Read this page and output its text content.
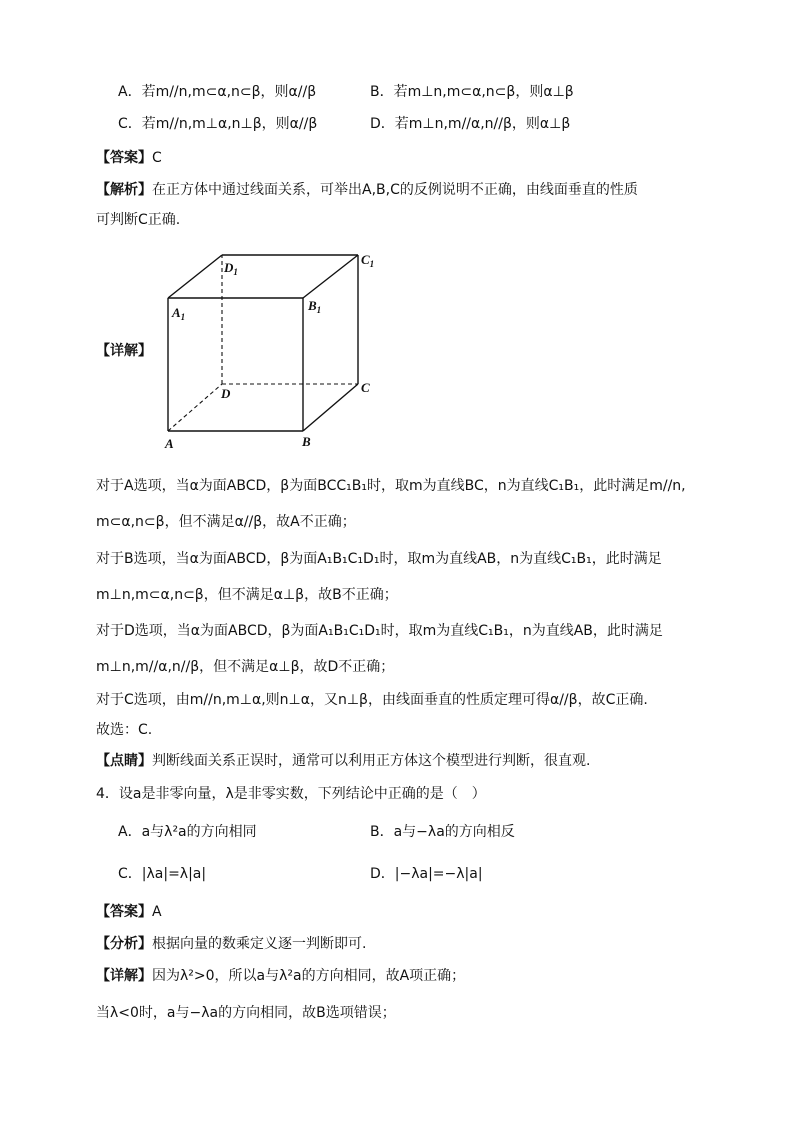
A．若m//n,m⊂α,n⊂β，则α//β	B．若m⊥n,m⊂α,n⊂β，则α⊥β
C．若m//n,m⊥α,n⊥β，则α//β	D．若m⊥n,m//α,n//β，则α⊥β
【答案】C
【解析】在正方体中通过线面关系，可举出A,B,C的反例说明不正确，由线面垂直的性质
可判断C正确.
【详解】
$D_1$
$C_1$
$B_1$
$A_1$
D	C
A	B
对于A选项，当α为面ABCD，β为面BCC₁B₁时，取m为直线BC，n为直线C₁B₁，此时满足m//n,
m⊂α,n⊂β，但不满足α//β，故A不正确；
对于B选项，当α为面ABCD，β为面A₁B₁C₁D₁时，取m为直线AB，n为直线C₁B₁，此时满足
m⊥n,m⊂α,n⊂β，但不满足α⊥β，故B不正确；
对于D选项，当α为面ABCD，β为面A₁B₁C₁D₁时，取m为直线C₁B₁，n为直线AB，此时满足
m⊥n,m//α,n//β，但不满足α⊥β，故D不正确；
对于C选项，由m//n,m⊥α,则n⊥α，又n⊥β，由线面垂直的性质定理可得α//β，故C正确.
故选：C.
【点睛】判断线面关系正误时，通常可以利用正方体这个模型进行判断，很直观.
4．设a是非零向量，λ是非零实数，下列结论中正确的是（　）
A．a与λ²a的方向相同	B．a与−λa的方向相反
C．|λa|=λ|a|	D．|−λa|=−λ|a|
【答案】A
【分析】根据向量的数乘定义逐一判断即可.
【详解】因为λ²>0，所以a与λ²a的方向相同，故A项正确；
当λ<0时，a与−λa的方向相同，故B选项错误；
